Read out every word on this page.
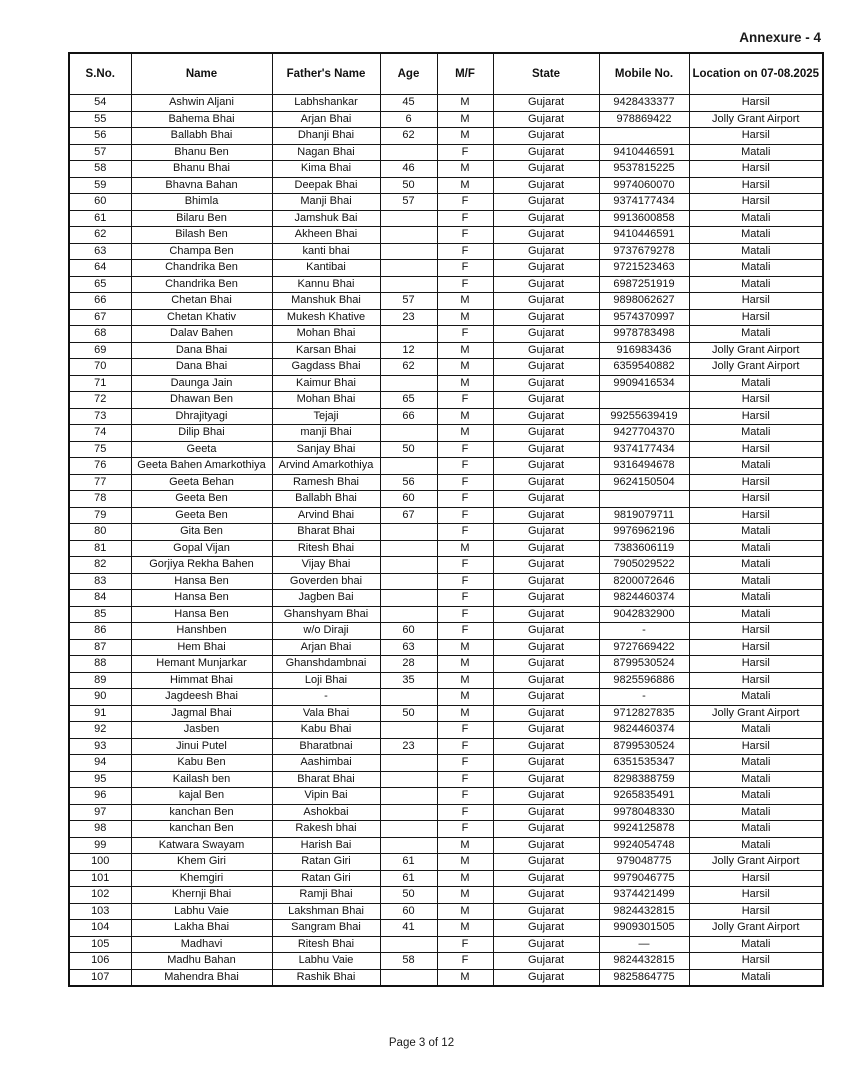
Annexure - 4
S.No.	Name	Father's Name	Age	M/F	State	Mobile No.	Location on 07-08.2025
54	Ashwin Aljani	Labhshankar	45	M	Gujarat	9428433377	Harsil
55	Bahema Bhai	Arjan Bhai	6	M	Gujarat	978869422	Jolly Grant Airport
56	Ballabh Bhai	Dhanji Bhai	62	M	Gujarat		Harsil
57	Bhanu Ben	Nagan Bhai		F	Gujarat	9410446591	Matali
58	Bhanu Bhai	Kima Bhai	46	M	Gujarat	9537815225	Harsil
59	Bhavna Bahan	Deepak Bhai	50	M	Gujarat	9974060070	Harsil
60	Bhimla	Manji Bhai	57	F	Gujarat	9374177434	Harsil
61	Bilaru Ben	Jamshuk Bai		F	Gujarat	9913600858	Matali
62	Bilash Ben	Akheen Bhai		F	Gujarat	9410446591	Matali
63	Champa Ben	kanti bhai		F	Gujarat	9737679278	Matali
64	Chandrika Ben	Kantibai		F	Gujarat	9721523463	Matali
65	Chandrika Ben	Kannu Bhai		F	Gujarat	6987251919	Matali
66	Chetan Bhai	Manshuk Bhai	57	M	Gujarat	9898062627	Harsil
67	Chetan Khativ	Mukesh Khative	23	M	Gujarat	9574370997	Harsil
68	Dalav Bahen	Mohan Bhai		F	Gujarat	9978783498	Matali
69	Dana Bhai	Karsan Bhai	12	M	Gujarat	916983436	Jolly Grant Airport
70	Dana Bhai	Gagdass Bhai	62	M	Gujarat	6359540882	Jolly Grant Airport
71	Daunga Jain	Kaimur Bhai		M	Gujarat	9909416534	Matali
72	Dhawan Ben	Mohan Bhai	65	F	Gujarat		Harsil
73	Dhrajityagi	Tejaji	66	M	Gujarat	99255639419	Harsil
74	Dilip Bhai	manji Bhai		M	Gujarat	9427704370	Matali
75	Geeta	Sanjay Bhai	50	F	Gujarat	9374177434	Harsil
76	Geeta Bahen Amarkothiya	Arvind Amarkothiya		F	Gujarat	9316494678	Matali
77	Geeta Behan	Ramesh Bhai	56	F	Gujarat	9624150504	Harsil
78	Geeta Ben	Ballabh Bhai	60	F	Gujarat		Harsil
79	Geeta Ben	Arvind Bhai	67	F	Gujarat	9819079711	Harsil
80	Gita Ben	Bharat Bhai		F	Gujarat	9976962196	Matali
81	Gopal Vijan	Ritesh Bhai		M	Gujarat	7383606119	Matali
82	Gorjiya Rekha Bahen	Vijay Bhai		F	Gujarat	7905029522	Matali
83	Hansa Ben	Goverden bhai		F	Gujarat	8200072646	Matali
84	Hansa Ben	Jagben Bai		F	Gujarat	9824460374	Matali
85	Hansa Ben	Ghanshyam Bhai		F	Gujarat	9042832900	Matali
86	Hanshben	w/o Diraji	60	F	Gujarat	-	Harsil
87	Hem Bhai	Arjan Bhai	63	M	Gujarat	9727669422	Harsil
88	Hemant Munjarkar	Ghanshdambnai	28	M	Gujarat	8799530524	Harsil
89	Himmat Bhai	Loji Bhai	35	M	Gujarat	9825596886	Harsil
90	Jagdeesh Bhai	-		M	Gujarat	-	Matali
91	Jagmal Bhai	Vala Bhai	50	M	Gujarat	9712827835	Jolly Grant Airport
92	Jasben	Kabu Bhai		F	Gujarat	9824460374	Matali
93	Jinui Putel	Bharatbnai	23	F	Gujarat	8799530524	Harsil
94	Kabu Ben	Aashimbai		F	Gujarat	6351535347	Matali
95	Kailash ben	Bharat Bhai		F	Gujarat	8298388759	Matali
96	kajal Ben	Vipin Bai		F	Gujarat	9265835491	Matali
97	kanchan Ben	Ashokbai		F	Gujarat	9978048330	Matali
98	kanchan Ben	Rakesh bhai		F	Gujarat	9924125878	Matali
99	Katwara Swayam	Harish Bai		M	Gujarat	9924054748	Matali
100	Khem Giri	Ratan Giri	61	M	Gujarat	979048775	Jolly Grant Airport
101	Khemgiri	Ratan Giri	61	M	Gujarat	9979046775	Harsil
102	Khernji Bhai	Ramji Bhai	50	M	Gujarat	9374421499	Harsil
103	Labhu Vaie	Lakshman Bhai	60	M	Gujarat	9824432815	Harsil
104	Lakha Bhai	Sangram Bhai	41	M	Gujarat	9909301505	Jolly Grant Airport
105	Madhavi	Ritesh Bhai		F	Gujarat	—	Matali
106	Madhu Bahan	Labhu Vaie	58	F	Gujarat	9824432815	Harsil
107	Mahendra Bhai	Rashik Bhai		M	Gujarat	9825864775	Matali
Page 3 of 12
